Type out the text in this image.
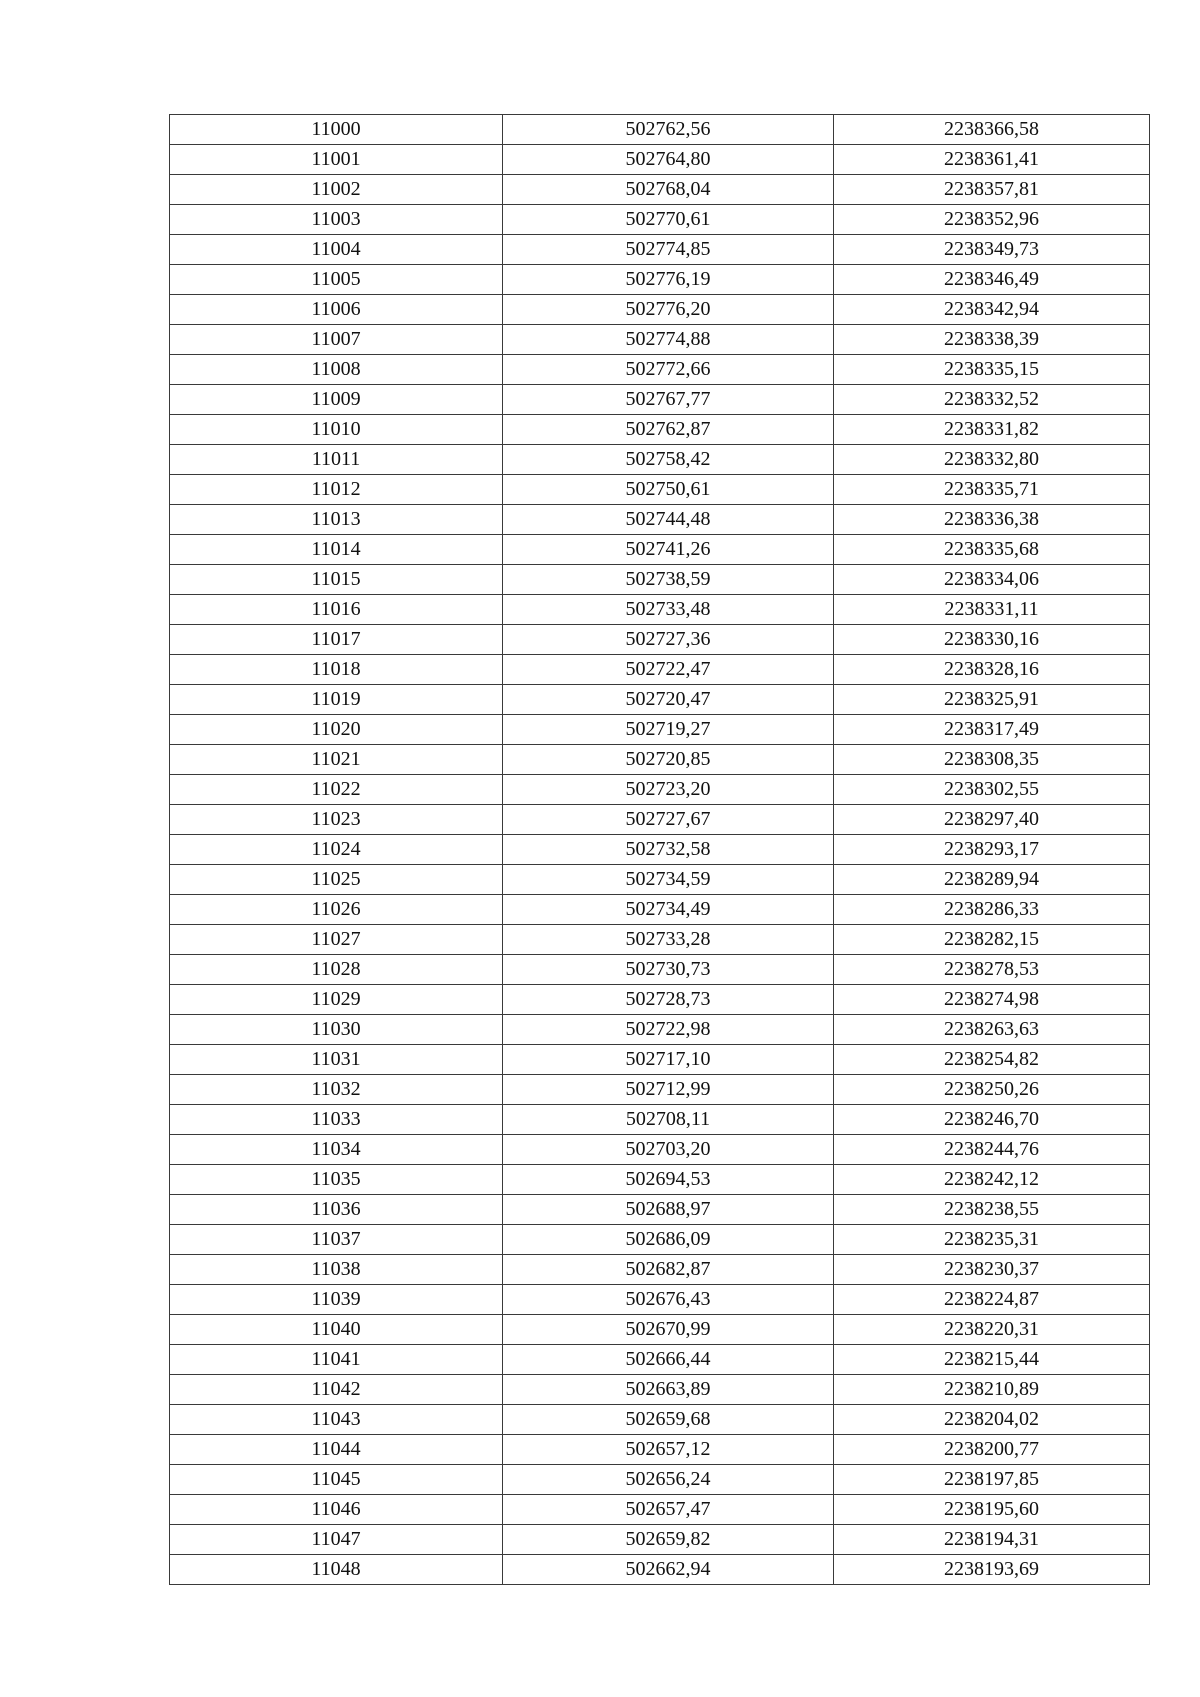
11000	502762,56	2238366,58
11001	502764,80	2238361,41
11002	502768,04	2238357,81
11003	502770,61	2238352,96
11004	502774,85	2238349,73
11005	502776,19	2238346,49
11006	502776,20	2238342,94
11007	502774,88	2238338,39
11008	502772,66	2238335,15
11009	502767,77	2238332,52
11010	502762,87	2238331,82
11011	502758,42	2238332,80
11012	502750,61	2238335,71
11013	502744,48	2238336,38
11014	502741,26	2238335,68
11015	502738,59	2238334,06
11016	502733,48	2238331,11
11017	502727,36	2238330,16
11018	502722,47	2238328,16
11019	502720,47	2238325,91
11020	502719,27	2238317,49
11021	502720,85	2238308,35
11022	502723,20	2238302,55
11023	502727,67	2238297,40
11024	502732,58	2238293,17
11025	502734,59	2238289,94
11026	502734,49	2238286,33
11027	502733,28	2238282,15
11028	502730,73	2238278,53
11029	502728,73	2238274,98
11030	502722,98	2238263,63
11031	502717,10	2238254,82
11032	502712,99	2238250,26
11033	502708,11	2238246,70
11034	502703,20	2238244,76
11035	502694,53	2238242,12
11036	502688,97	2238238,55
11037	502686,09	2238235,31
11038	502682,87	2238230,37
11039	502676,43	2238224,87
11040	502670,99	2238220,31
11041	502666,44	2238215,44
11042	502663,89	2238210,89
11043	502659,68	2238204,02
11044	502657,12	2238200,77
11045	502656,24	2238197,85
11046	502657,47	2238195,60
11047	502659,82	2238194,31
11048	502662,94	2238193,69
